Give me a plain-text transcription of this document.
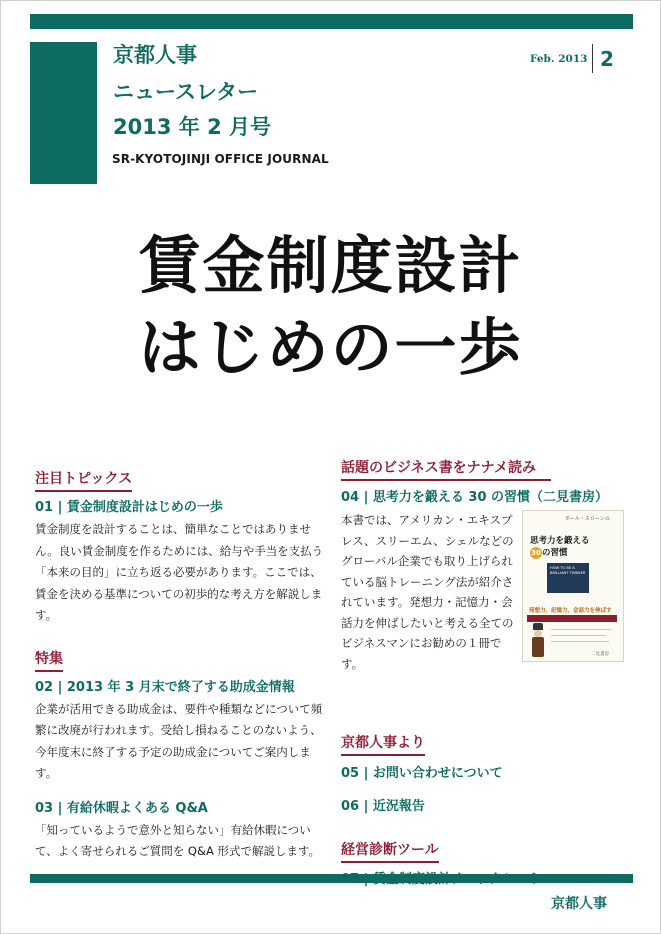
京都人事
ニュースレター
2013 年 2 月号
SR-KYOTOJINJI OFFICE JOURNAL
Feb. 2013 2
賃金制度設計
はじめの一歩
注目トピックス
01 | 賃金制度設計はじめの一歩
賃金制度を設計することは、簡単なことではありません。良い賃金制度を作るためには、給与や手当を支払う「本来の目的」に立ち返る必要があります。ここでは、賃金を決める基準についての初歩的な考え方を解説します。
特集
02 | 2013 年 3 月末で終了する助成金情報
企業が活用できる助成金は、要件や種類などについて頻繁に改廃が行われます。受給し損ねることのないよう、今年度末に終了する予定の助成金についてご案内します。
03 | 有給休暇よくある Q&A
「知っているようで意外と知らない」有給休暇について、よく寄せられるご質問を Q&A 形式で解説します。
話題のビジネス書をナナメ読み
04 | 思考力を鍛える 30 の習慣（二見書房）
本書では、アメリカン・エキスプレス、スリーエム、シェルなどのグローバル企業でも取り上げられている脳トレーニング法が紹介されています。発想力・記憶力・会話力を伸ばしたいと考える全てのビジネスマンにお勧めの１冊です。
ポール・スローンの
思考力を鍛える
30の習慣
HOW TO BE A BRILLIANT THINKER
発想力、記憶力、会話力を伸ばす
二見書房
京都人事より
05 | お問い合わせについて
06 | 近況報告
経営診断ツール
京都人事
